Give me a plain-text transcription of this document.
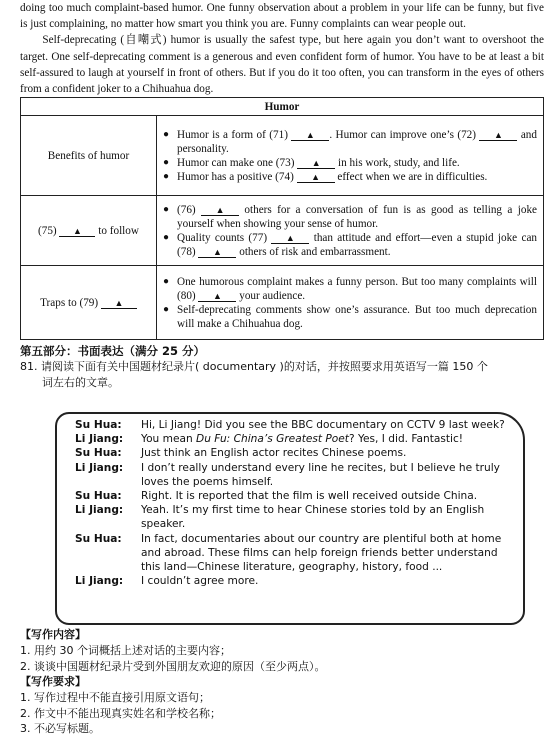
doing too much complaint-based humor. One funny observation about a problem in your life can be funny, but five is just complaining, no matter how smart you think you are. Funny complaints can wear people out.

Self-deprecating (自嘲式) humor is usually the safest type, but here again you don’t want to overshoot the target. One self-deprecating comment is a generous and even confident form of humor. You have to be at least a bit self-assured to laugh at yourself in front of others. But if you do it too often, you can transform in the eyes of others from a confident joker to a Chihuahua dog.

Humor	
Benefits of humor	● Humor is a form of (71) ▲ . Humor can improve one’s (72) ▲ and personality.
● Humor can make one (73) ▲ in his work, study, and life.
● Humor has a positive (74) ▲ effect when we are in difficulties.

(75) ▲ to follow	● (76) ▲ others for a conversation of fun is as good as telling a joke yourself when showing your sense of humor.
● Quality counts (77) ▲ than attitude and effort—even a stupid joke can (78) ▲ others of risk and embarrassment.

Traps to (79) ▲	● One humorous complaint makes a funny person. But too many complaints will (80) ▲ your audience.
● Self-deprecating comments show one’s assurance. But too much deprecation will make a Chihuahua dog.
第五部分：书面表达（满分 25 分）
81. 请阅读下面有关中国题材纪录片( documentary )的对话，并按照要求用英语写一篇 150 个
词左右的文章。
Su Hua: Hi, Li Jiang! Did you see the BBC documentary on CCTV 9 last week?
Li Jiang: You mean Du Fu: China’s Greatest Poet? Yes, I did. Fantastic!
Su Hua: Just think an English actor recites Chinese poems.
Li Jiang: I don’t really understand every line he recites, but I believe he truly loves the poems himself.
Su Hua: Right. It is reported that the film is well received outside China.
Li Jiang: Yeah. It’s my first time to hear Chinese stories told by an English speaker.
Su Hua: In fact, documentaries about our country are plentiful both at home and abroad. These films can help foreign friends better understand this land—Chinese literature, geography, history, food ...
Li Jiang: I couldn’t agree more.
【写作内容】
1. 用约 30 个词概括上述对话的主要内容；
2. 谈谈中国题材纪录片受到外国朋友欢迎的原因（至少两点）。
【写作要求】
1. 写作过程中不能直接引用原文语句；
2. 作文中不能出现真实姓名和学校名称；
3. 不必写标题。
